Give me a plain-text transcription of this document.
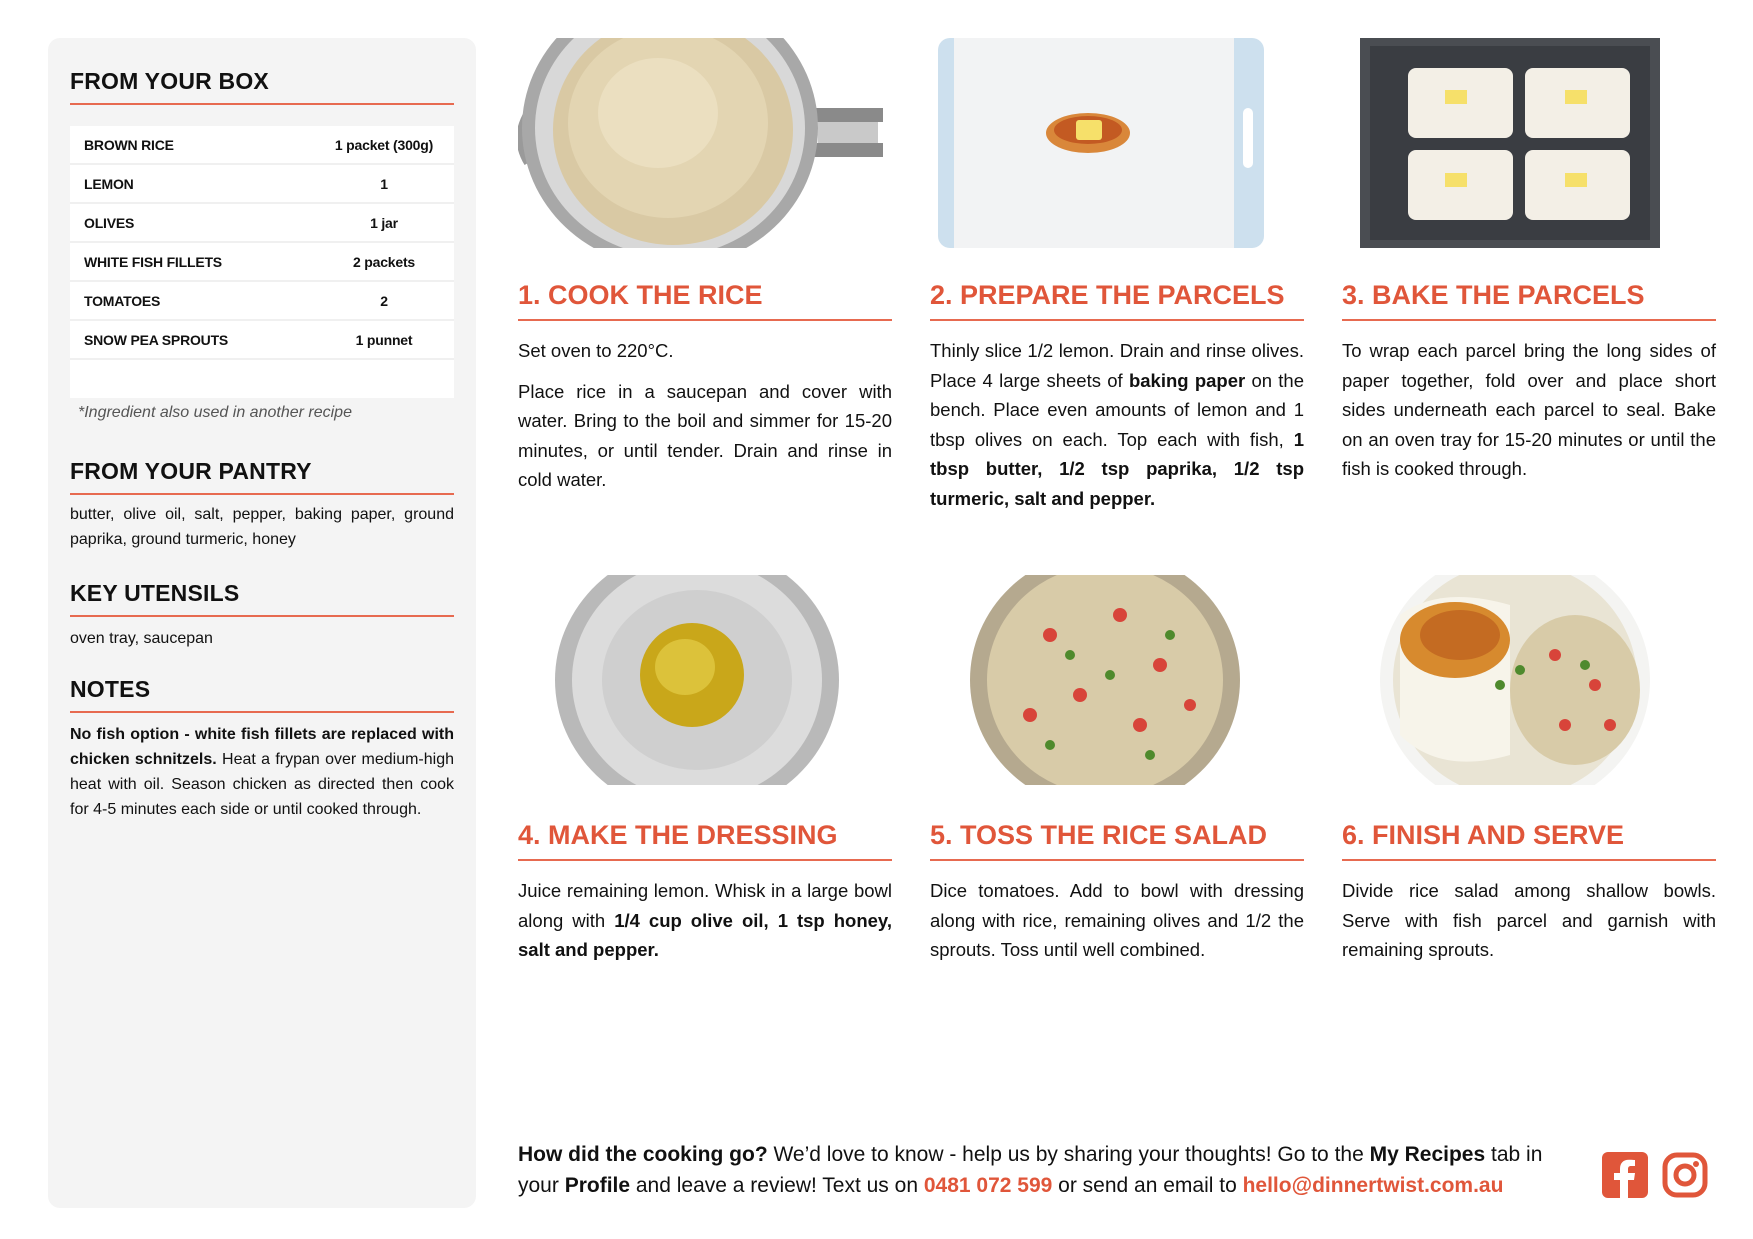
FROM YOUR BOX
BROWN RICE	1 packet (300g)
LEMON	1
OLIVES	1 jar
WHITE FISH FILLETS	2 packets
TOMATOES	2
SNOW PEA SPROUTS	1 punnet
*Ingredient also used in another recipe
FROM YOUR PANTRY
butter, olive oil, salt, pepper, baking paper, ground paprika, ground turmeric, honey
KEY UTENSILS
oven tray, saucepan
NOTES
No fish option - white fish fillets are replaced with chicken schnitzels. Heat a frypan over medium-high heat with oil. Season chicken as directed then cook for 4-5 minutes each side or until cooked through.
1. COOK THE RICE

Set oven to 220°C.

Place rice in a saucepan and cover with water. Bring to the boil and simmer for 15-20 minutes, or until tender. Drain and rinse in cold water.

2. PREPARE THE PARCELS
Thinly slice 1/2 lemon. Drain and rinse olives. Place 4 large sheets of baking paper on the bench. Place even amounts of lemon and 1 tbsp olives on each. Top each with fish, 1 tbsp butter, 1/2 tsp paprika, 1/2 tsp turmeric, salt and pepper.
3. BAKE THE PARCELS
To wrap each parcel bring the long sides of paper together, fold over and place short sides underneath each parcel to seal. Bake on an oven tray for 15-20 minutes or until the fish is cooked through.
4. MAKE THE DRESSING
Juice remaining lemon. Whisk in a large bowl along with 1/4 cup olive oil, 1 tsp honey, salt and pepper.
5. TOSS THE RICE SALAD
Dice tomatoes. Add to bowl with dressing along with rice, remaining olives and 1/2 the sprouts. Toss until well combined.
6. FINISH AND SERVE
Divide rice salad among shallow bowls. Serve with fish parcel and garnish with remaining sprouts.
How did the cooking go? We’d love to know - help us by sharing your thoughts! Go to the My Recipes tab in your Profile and leave a review! Text us on 0481 072 599 or send an email to hello@dinnertwist.com.au
